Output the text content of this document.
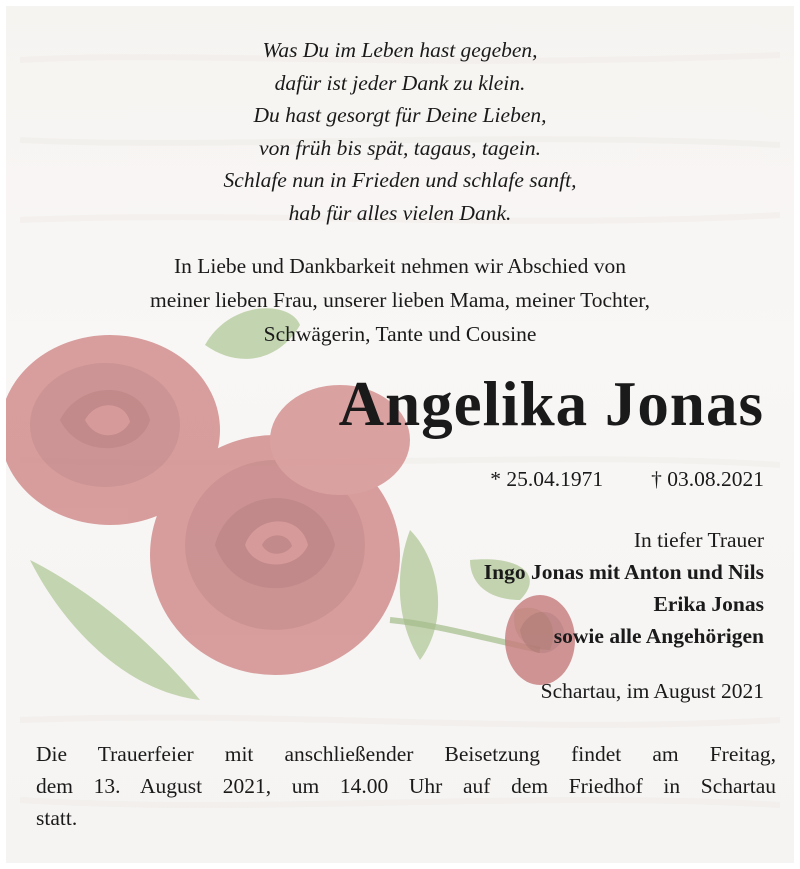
Was Du im Leben hast gegeben,
dafür ist jeder Dank zu klein.
Du hast gesorgt für Deine Lieben,
von früh bis spät, tagaus, tagein.
Schlafe nun in Frieden und schlafe sanft,
hab für alles vielen Dank.
In Liebe und Dankbarkeit nehmen wir Abschied von
meiner lieben Frau, unserer lieben Mama, meiner Tochter,
Schwägerin, Tante und Cousine
Angelika Jonas
* 25.04.1971 † 03.08.2021
In tiefer Trauer
Ingo Jonas mit Anton und Nils
Erika Jonas
sowie alle Angehörigen
Schartau, im August 2021
Die Trauerfeier mit anschließender Beisetzung findet am Freitag,
dem 13. August 2021, um 14.00 Uhr auf dem Friedhof in Schartau
statt.
